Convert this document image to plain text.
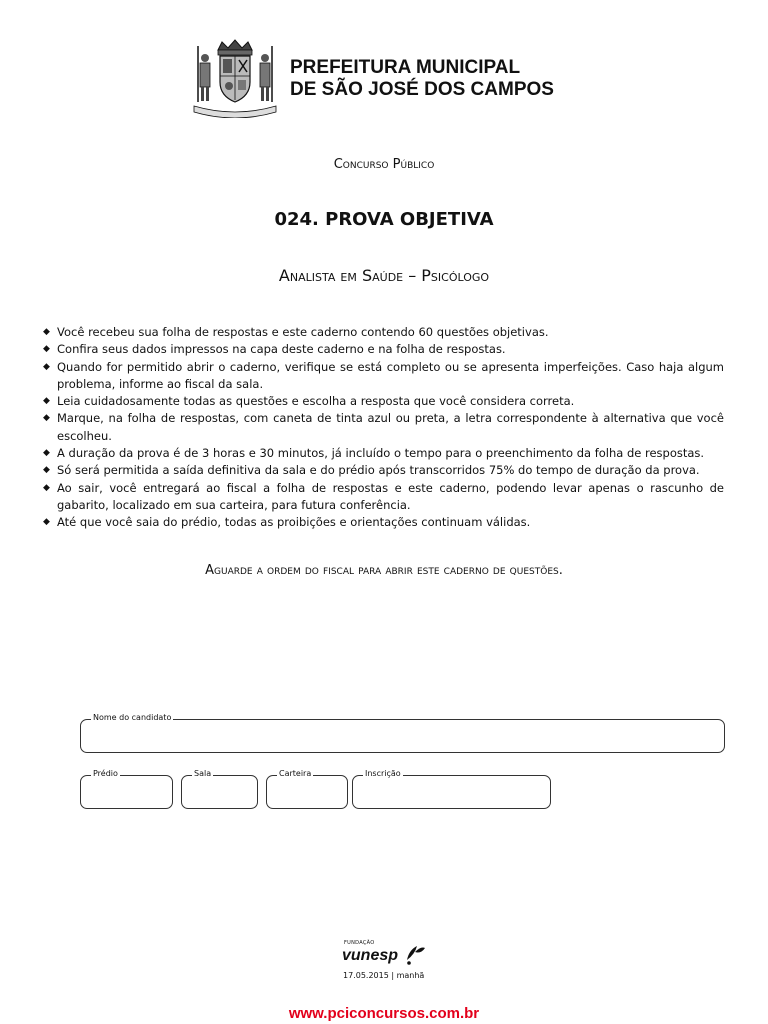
PREFEITURA MUNICIPAL
DE SÃO JOSÉ DOS CAMPOS
Concurso Público
024. PROVA OBJETIVA
Analista em Saúde – Psicólogo
◆ Você recebeu sua folha de respostas e este caderno contendo 60 questões objetivas.
◆ Confira seus dados impressos na capa deste caderno e na folha de respostas.
◆ Quando for permitido abrir o caderno, verifique se está completo ou se apresenta imperfeições. Caso haja algum problema, informe ao fiscal da sala.
◆ Leia cuidadosamente todas as questões e escolha a resposta que você considera correta.
◆ Marque, na folha de respostas, com caneta de tinta azul ou preta, a letra correspondente à alternativa que você escolheu.
◆ A duração da prova é de 3 horas e 30 minutos, já incluído o tempo para o preenchimento da folha de respostas.
◆ Só será permitida a saída definitiva da sala e do prédio após transcorridos 75% do tempo de duração da prova.
◆ Ao sair, você entregará ao fiscal a folha de respostas e este caderno, podendo levar apenas o rascunho de gabarito, localizado em sua carteira, para futura conferência.
◆ Até que você saia do prédio, todas as proibições e orientações continuam válidas.
Aguarde a ordem do fiscal para abrir este caderno de questões.
Nome do candidato
Prédio	Sala	Carteira	Inscrição
FUNDAÇÃO
vunesp
17.05.2015 | manhã
www.pciconcursos.com.br
